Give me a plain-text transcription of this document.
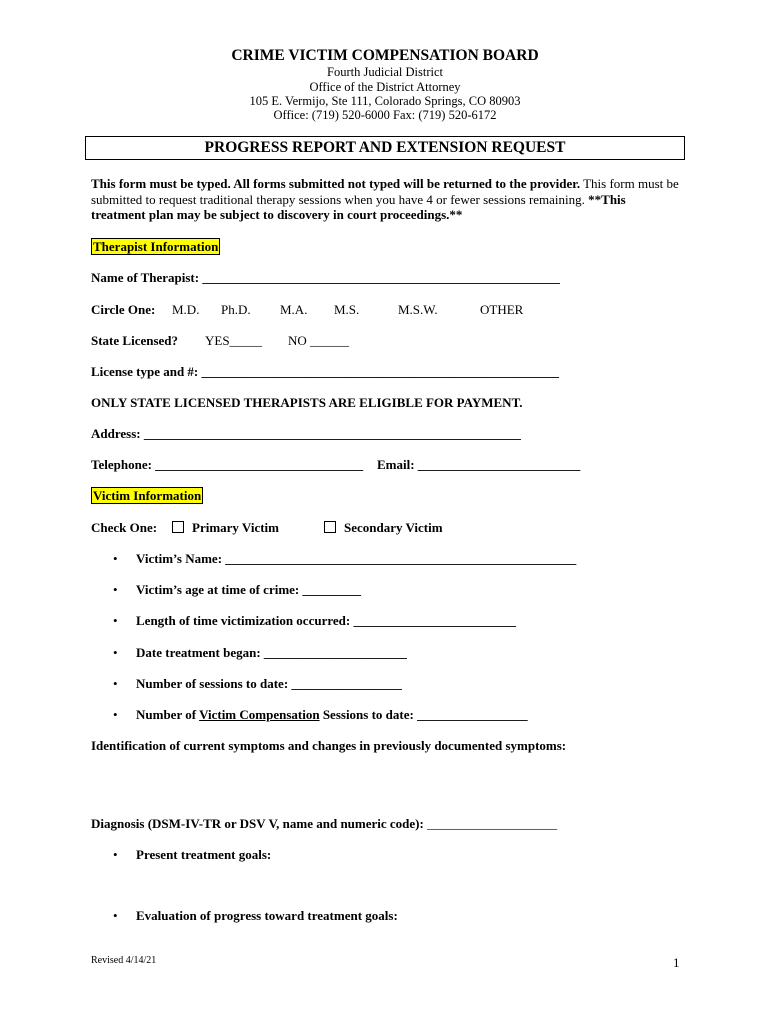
CRIME VICTIM COMPENSATION BOARD
Fourth Judicial District
Office of the District Attorney
105 E. Vermijo, Ste 111, Colorado Springs, CO 80903
Office: (719) 520-6000 Fax: (719) 520-6172
PROGRESS REPORT AND EXTENSION REQUEST
This form must be typed. All forms submitted not typed will be returned to the provider. This form must be submitted to request traditional therapy sessions when you have 4 or fewer sessions remaining. **This treatment plan may be subject to discovery in court proceedings.**
Therapist Information
Name of Therapist: _______________________________________________________
Circle One: M.D. Ph.D. M.A. M.S.	M.S.W.	OTHER
State Licensed? YES_____ NO ______
License type and #: _______________________________________________________
ONLY STATE LICENSED THERAPISTS ARE ELIGIBLE FOR PAYMENT.
Address: __________________________________________________________
Telephone: ________________________________ Email: _________________________
Victim Information
Check One:	Primary Victim	Secondary Victim
• Victim’s Name: ______________________________________________________
• Victim’s age at time of crime: _________
• Length of time victimization occurred: _________________________
• Date treatment began: ______________________
• Number of sessions to date: _________________
• Number of Victim Compensation Sessions to date: _________________
Identification of current symptoms and changes in previously documented symptoms:
Diagnosis (DSM-IV-TR or DSV V, name and numeric code): ____________________
• Present treatment goals:
• Evaluation of progress toward treatment goals:
Revised 4/14/21	1
